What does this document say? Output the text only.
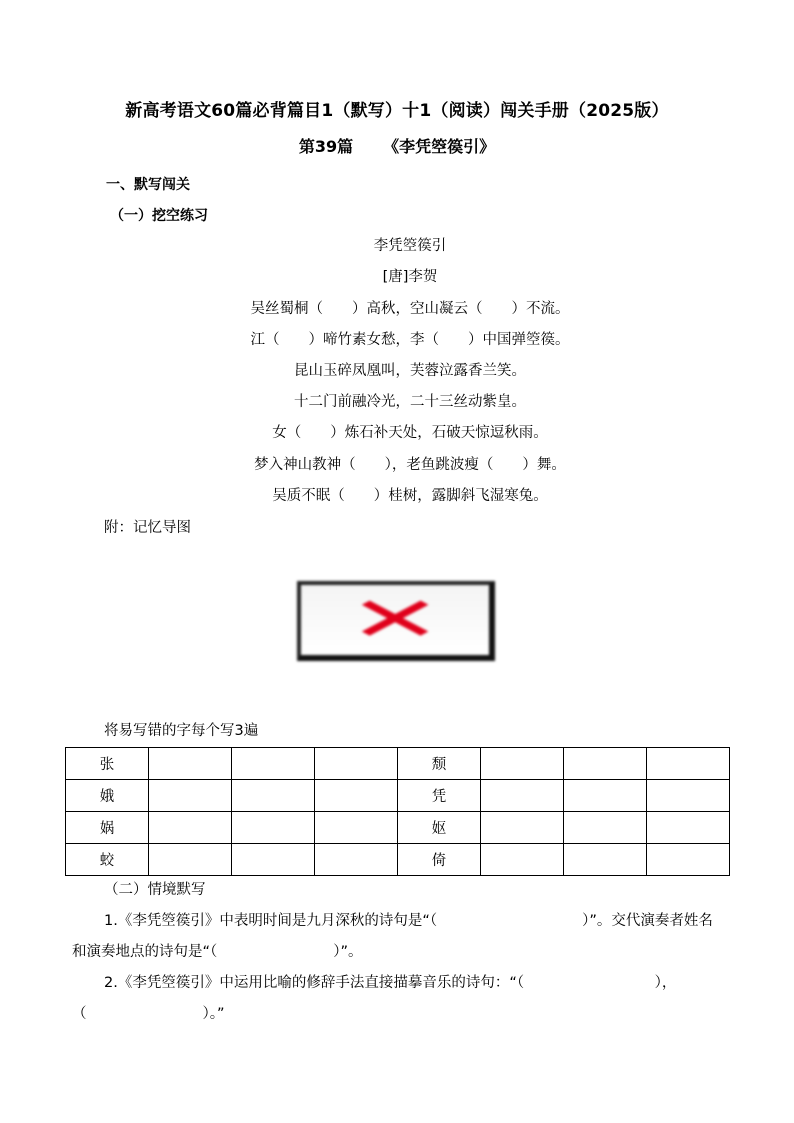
新高考语文60篇必背篇目1（默写）十1（阅读）闯关手册（2025版）
第39篇 《李凭箜篌引》
一、默写闯关
（一）挖空练习
李凭箜篌引
[唐]李贺
吴丝蜀桐（　　）高秋，空山凝云（　　）不流。
江（　　）啼竹素女愁，李（　　）中国弹箜篌。
昆山玉碎凤凰叫，芙蓉泣露香兰笑。
十二门前融冷光，二十三丝动紫皇。
女（　　）炼石补天处，石破天惊逗秋雨。
梦入神山教神（　　），老鱼跳波瘦（　　）舞。
吴质不眠（　　）桂树，露脚斜飞湿寒兔。
附：记忆导图
✕
将易写错的字每个写3遍
张				颓			
娥				凭			
娲				妪			
蛟				倚			
（二）情境默写
1.《李凭箜篌引》中表明时间是九月深秋的诗句是“（　　　　　　　　　　）”。交代演奏者姓名
和演奏地点的诗句是“（　　　　　　　　）”。
2.《李凭箜篌引》中运用比喻的修辞手法直接描摹音乐的诗句：“（　　　　　　　　　），
（　　　　　　　　）。”
